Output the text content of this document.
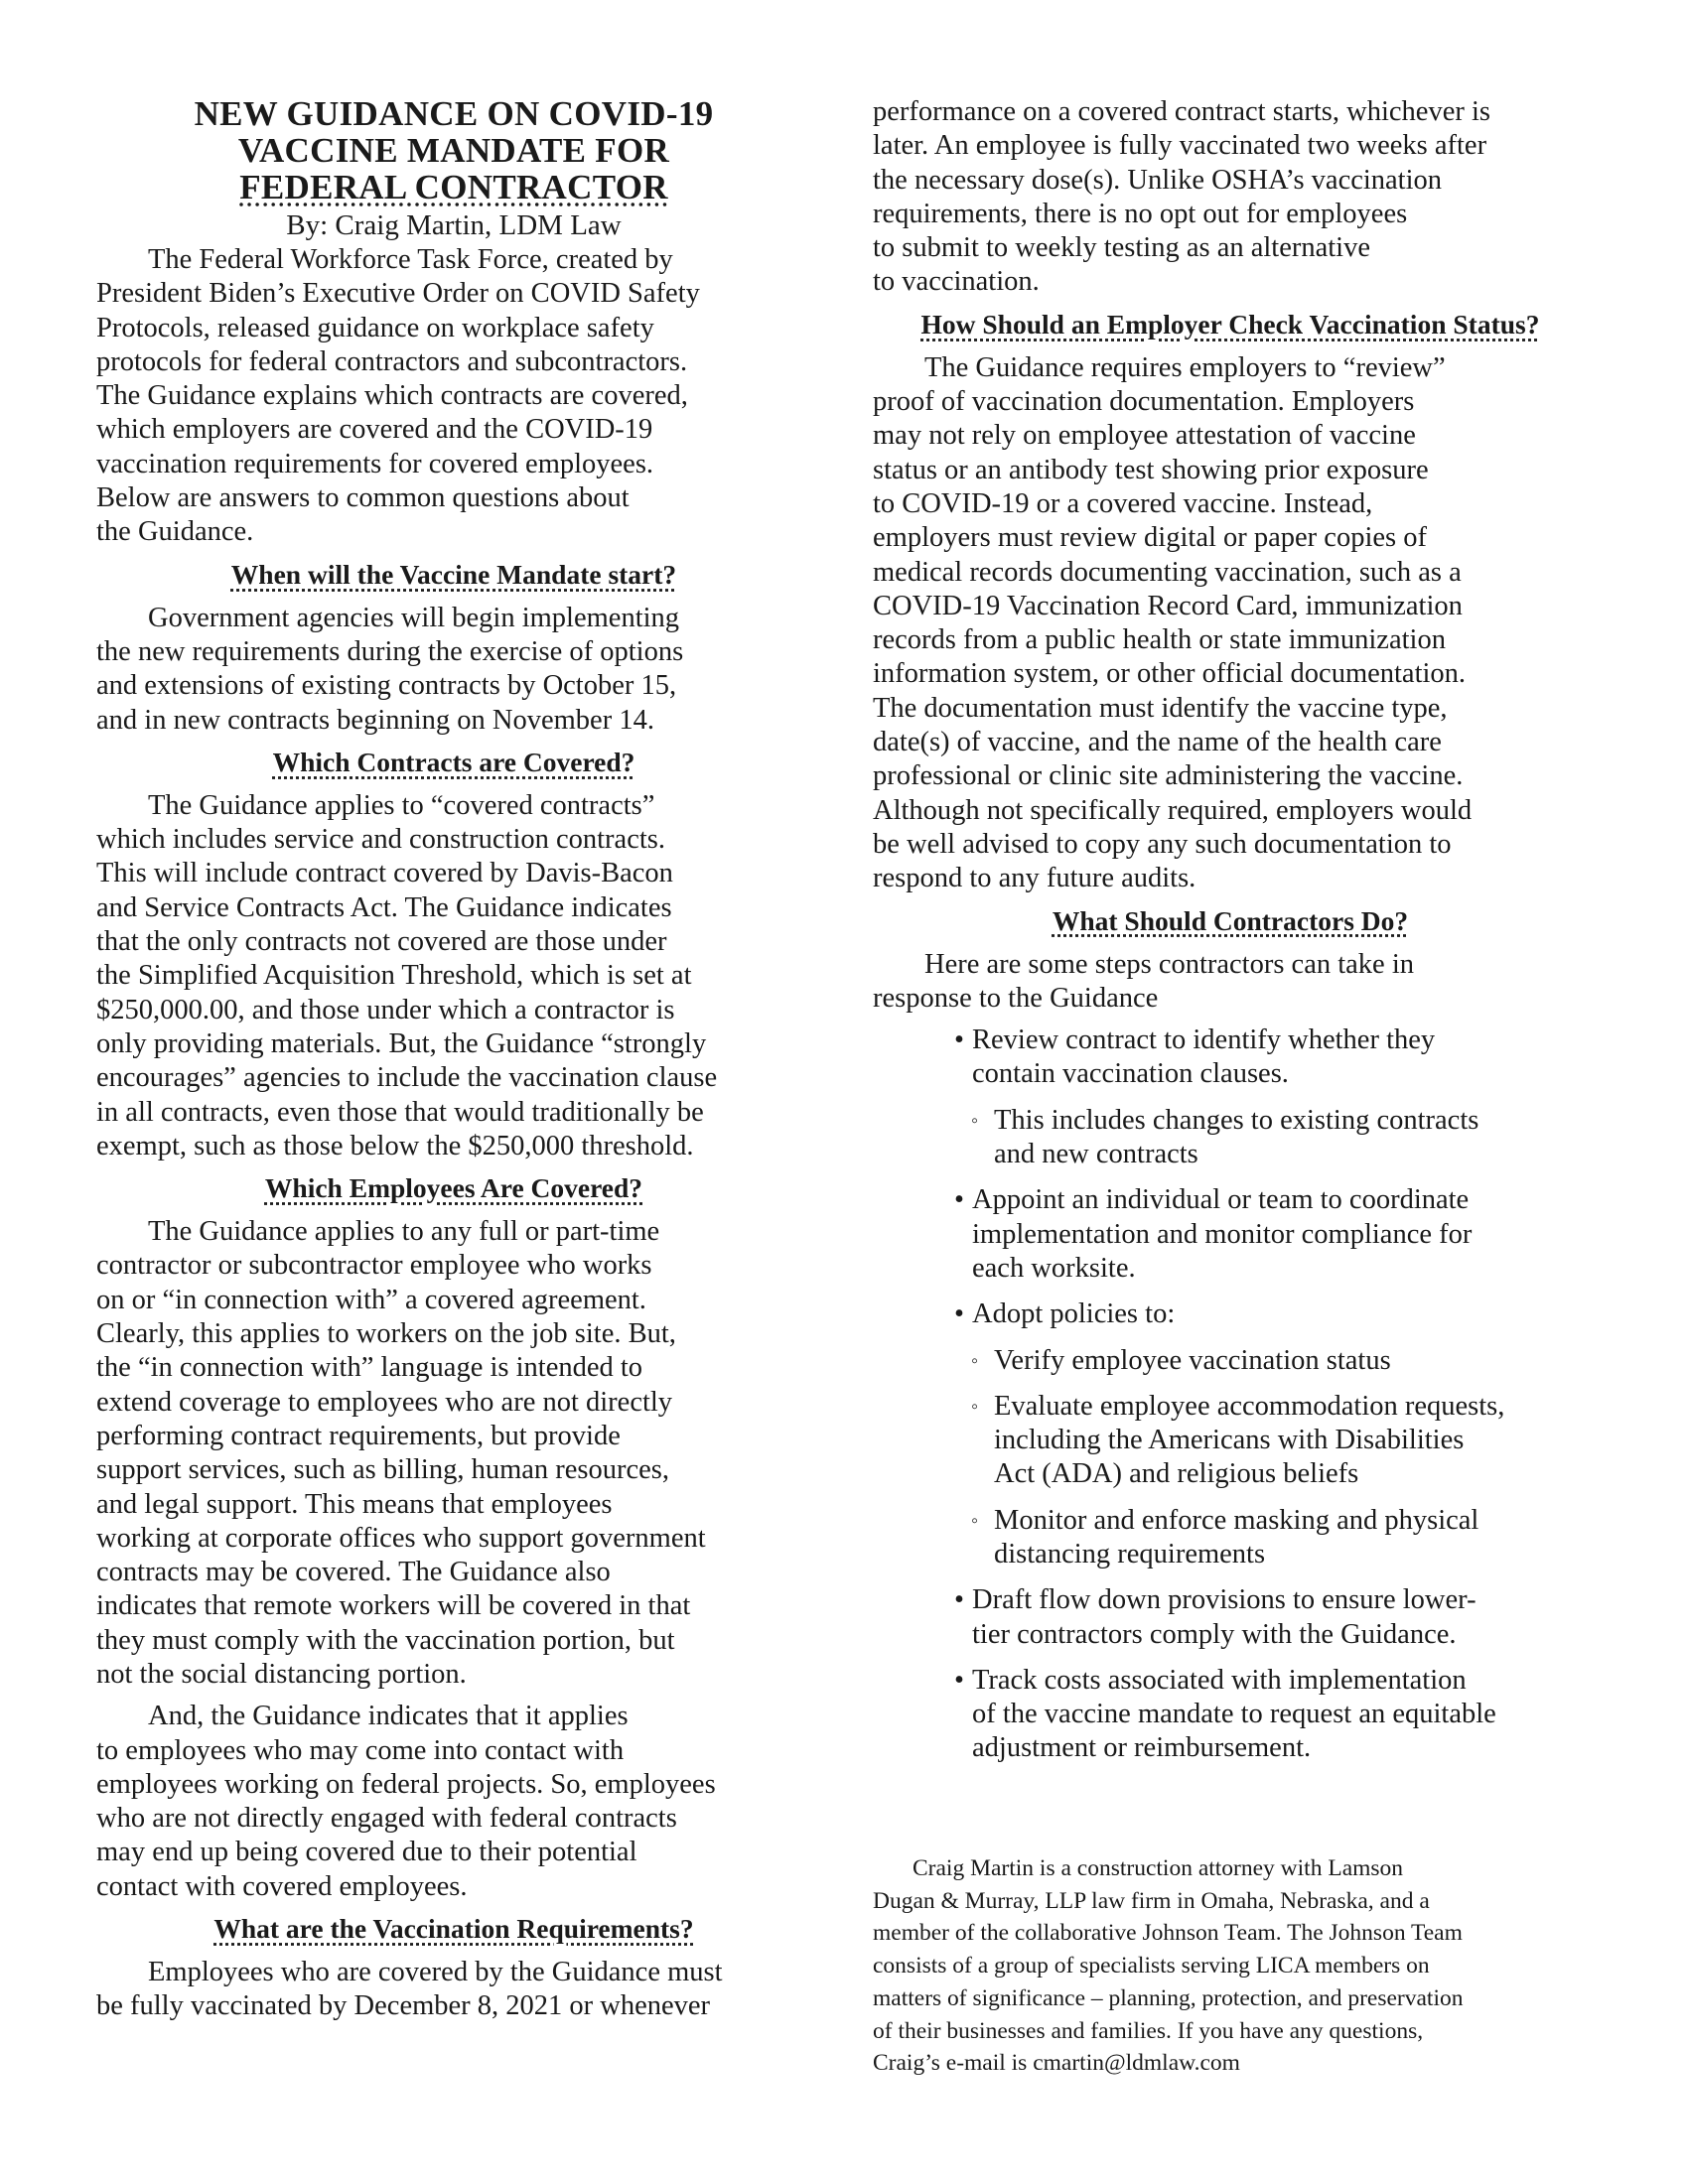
NEW GUIDANCE ON COVID-19
VACCINE MANDATE FOR
FEDERAL CONTRACTOR
By: Craig Martin, LDM Law
The Federal Workforce Task Force, created by
President Biden’s Executive Order on COVID Safety
Protocols, released guidance on workplace safety
protocols for federal contractors and subcontractors.
The Guidance explains which contracts are covered,
which employers are covered and the COVID-19
vaccination requirements for covered employees.
Below are answers to common questions about
the Guidance.
When will the Vaccine Mandate start?
Government agencies will begin implementing
the new requirements during the exercise of options
and extensions of existing contracts by October 15,
and in new contracts beginning on November 14.
Which Contracts are Covered?
The Guidance applies to “covered contracts”
which includes service and construction contracts.
This will include contract covered by Davis-Bacon
and Service Contracts Act. The Guidance indicates
that the only contracts not covered are those under
the Simplified Acquisition Threshold, which is set at
$250,000.00, and those under which a contractor is
only providing materials. But, the Guidance “strongly
encourages” agencies to include the vaccination clause
in all contracts, even those that would traditionally be
exempt, such as those below the $250,000 threshold.
Which Employees Are Covered?
The Guidance applies to any full or part-time
contractor or subcontractor employee who works
on or “in connection with” a covered agreement.
Clearly, this applies to workers on the job site. But,
the “in connection with” language is intended to
extend coverage to employees who are not directly
performing contract requirements, but provide
support services, such as billing, human resources,
and legal support. This means that employees
working at corporate offices who support government
contracts may be covered. The Guidance also
indicates that remote workers will be covered in that
they must comply with the vaccination portion, but
not the social distancing portion.
And, the Guidance indicates that it applies
to employees who may come into contact with
employees working on federal projects. So, employees
who are not directly engaged with federal contracts
may end up being covered due to their potential
contact with covered employees.
What are the Vaccination Requirements?
Employees who are covered by the Guidance must
be fully vaccinated by December 8, 2021 or whenever
performance on a covered contract starts, whichever is
later. An employee is fully vaccinated two weeks after
the necessary dose(s). Unlike OSHA’s vaccination
requirements, there is no opt out for employees
to submit to weekly testing as an alternative
to vaccination.
How Should an Employer Check Vaccination Status?
The Guidance requires employers to “review”
proof of vaccination documentation. Employers
may not rely on employee attestation of vaccine
status or an antibody test showing prior exposure
to COVID-19 or a covered vaccine. Instead,
employers must review digital or paper copies of
medical records documenting vaccination, such as a
COVID-19 Vaccination Record Card, immunization
records from a public health or state immunization
information system, or other official documentation.
The documentation must identify the vaccine type,
date(s) of vaccine, and the name of the health care
professional or clinic site administering the vaccine.
Although not specifically required, employers would
be well advised to copy any such documentation to
respond to any future audits.
What Should Contractors Do?
Here are some steps contractors can take in
response to the Guidance
• Review contract to identify whether they
contain vaccination clauses.
◦ This includes changes to existing contracts
and new contracts
• Appoint an individual or team to coordinate
implementation and monitor compliance for
each worksite.
• Adopt policies to:
◦ Verify employee vaccination status
◦ Evaluate employee accommodation requests,
including the Americans with Disabilities
Act (ADA) and religious beliefs
◦ Monitor and enforce masking and physical
distancing requirements
• Draft flow down provisions to ensure lower-
tier contractors comply with the Guidance.
• Track costs associated with implementation
of the vaccine mandate to request an equitable
adjustment or reimbursement.
Craig Martin is a construction attorney with Lamson
Dugan & Murray, LLP law firm in Omaha, Nebraska, and a
member of the collaborative Johnson Team. The Johnson Team
consists of a group of specialists serving LICA members on
matters of significance – planning, protection, and preservation
of their businesses and families. If you have any questions,
Craig’s e-mail is cmartin@ldmlaw.com
